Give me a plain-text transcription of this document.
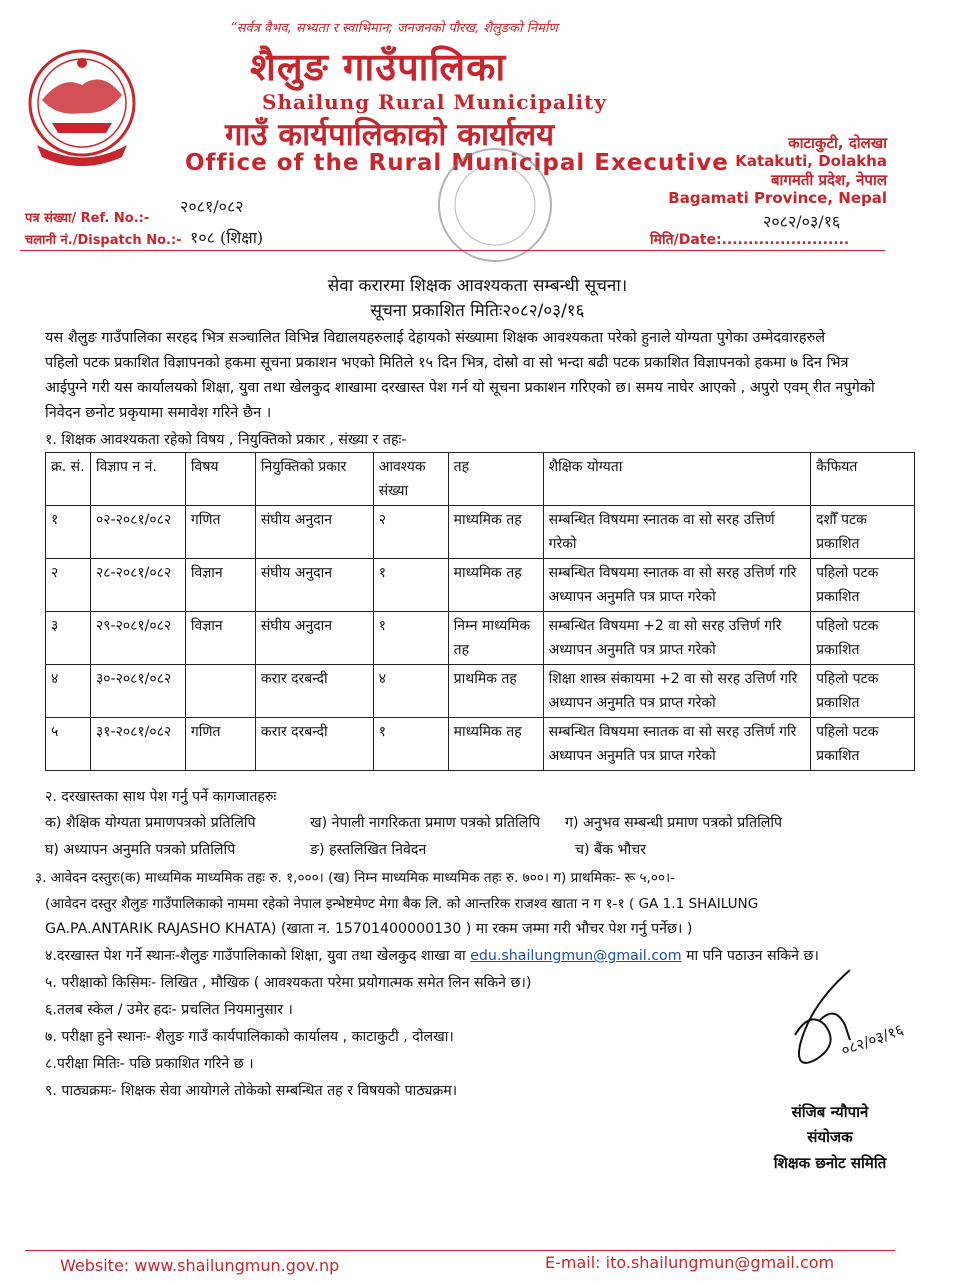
“सर्वत्र वैभव, सभ्यता र स्वाभिमान; जनजनको पौरख, शैलुङको निर्माण
शैलुङ गाउँपालिका
Shailung Rural Municipality
गाउँ कार्यपालिकाको कार्यालय
Office of the Rural Municipal Executive
काटाकुटी, दोलखा
Katakuti, Dolakha
बागमती प्रदेश, नेपाल
Bagamati Province, Nepal
पत्र संख्या/ Ref. No.:-
२०८१/०८२
चलानी नं./Dispatch No.:- १०८ (शिक्षा)
२०८२/०३/१६
मिति/Date:........................
सेवा करारमा शिक्षक आवश्यकता सम्बन्धी सूचना।
सूचना प्रकाशित मितिः२०८२/०३/१६
यस शैलुङ गाउँपालिका सरहद भित्र सञ्चालित विभिन्न विद्यालयहरुलाई देहायको संख्यामा शिक्षक आवश्यकता परेको हुनाले योग्यता पुगेका उम्मेदवारहरुले
पहिलो पटक प्रकाशित विज्ञापनको हकमा सूचना प्रकाशन भएको मितिले १५ दिन भित्र, दोस्रो वा सो भन्दा बढी पटक प्रकाशित विज्ञापनको हकमा ७ दिन भित्र
आईपुग्ने गरी यस कार्यालयको शिक्षा, युवा तथा खेलकुद शाखामा दरखास्त पेश गर्न यो सूचना प्रकाशन गरिएको छ। समय नाघेर आएको , अपुरो एवम् रीत नपुगेको
निवेदन छनोट प्रकृयामा समावेश गरिने छैन ।
१. शिक्षक आवश्यकता रहेको विषय , नियुक्तिको प्रकार , संख्या र तहः-
क्र. सं.	विज्ञाप न नं.	विषय	नियुक्तिको प्रकार	आवश्यक संख्या	तह	शैक्षिक योग्यता	कैफियत
१	०२-२०८१/०८२	गणित	संघीय अनुदान	२	माध्यमिक तह	सम्बन्धित विषयमा स्नातक वा सो सरह उत्तिर्ण गरेको	दशौँ पटक प्रकाशित
२	२८-२०८१/०८२	विज्ञान	संघीय अनुदान	१	माध्यमिक तह	सम्बन्धित विषयमा स्नातक वा सो सरह उत्तिर्ण गरि अध्यापन अनुमति पत्र प्राप्त गरेको	पहिलो पटक प्रकाशित
३	२९-२०८१/०८२	विज्ञान	संघीय अनुदान	१	निम्न माध्यमिक तह	सम्बन्धित विषयमा +2 वा सो सरह उत्तिर्ण गरि अध्यापन अनुमति पत्र प्राप्त गरेको	पहिलो पटक प्रकाशित
४	३०-२०८१/०८२		करार दरबन्दी	४	प्राथमिक तह	शिक्षा शास्त्र संकायमा +2 वा सो सरह उत्तिर्ण गरि अध्यापन अनुमति पत्र प्राप्त गरेको	पहिलो पटक प्रकाशित
५	३१-२०८१/०८२	गणित	करार दरबन्दी	१	माध्यमिक तह	सम्बन्धित विषयमा स्नातक वा सो सरह उत्तिर्ण गरि अध्यापन अनुमति पत्र प्राप्त गरेको	पहिलो पटक प्रकाशित
२. दरखास्तका साथ पेश गर्नु पर्ने कागजातहरुः
क) शैक्षिक योग्यता प्रमाणपत्रको प्रतिलिपि	ख) नेपाली नागरिकता प्रमाण पत्रको प्रतिलिपि ग) अनुभव सम्बन्धी प्रमाण पत्रको प्रतिलिपि
घ) अध्यापन अनुमति पत्रको प्रतिलिपि	ङ) हस्तलिखित निवेदन	च) बैंक भौचर
३. आवेदन दस्तुरः(क) माध्यमिक माध्यमिक तहः रु. १,०००। (ख) निम्न माध्यमिक माध्यमिक तहः रु. ७००। ग) प्राथमिकः- रू ५,००।-
(आवेदन दस्तुर शैलुङ गाउँपालिकाको नाममा रहेको नेपाल इन्भेष्टमेण्ट मेगा बैक लि. को आन्तरिक राजश्व खाता न ग १-१ ( GA 1.1 SHAILUNG
GA.PA.ANTARIK RAJASHO KHATA) (खाता न. 15701400000130 ) मा रकम जम्मा गरी भौचर पेश गर्नु पर्नेछ। )
४.दरखास्त पेश गर्ने स्थानः-शैलुङ गाउँपालिकाको शिक्षा, युवा तथा खेलकुद शाखा वा edu.shailungmun@gmail.com मा पनि पठाउन सकिने छ।
५. परीक्षाको किसिमः- लिखित , मौखिक ( आवश्यकता परेमा प्रयोगात्मक समेत लिन सकिने छ।)
६.तलब स्केल / उमेर हदः- प्रचलित नियमानुसार ।
७. परीक्षा हुने स्थानः- शैलुङ गाउँ कार्यपालिकाको कार्यालय , काटाकुटी , दोलखा।
८.परीक्षा मितिः- पछि प्रकाशित गरिने छ ।
९. पाठ्यक्रमः- शिक्षक सेवा आयोगले तोकेको सम्बन्धित तह र विषयको पाठ्यक्रम।
०८२/०३/१६
संजिब न्यौपाने
संयोजक
शिक्षक छनोट समिति
Website: www.shailungmun.gov.np	E-mail: ito.shailungmun@gmail.com
